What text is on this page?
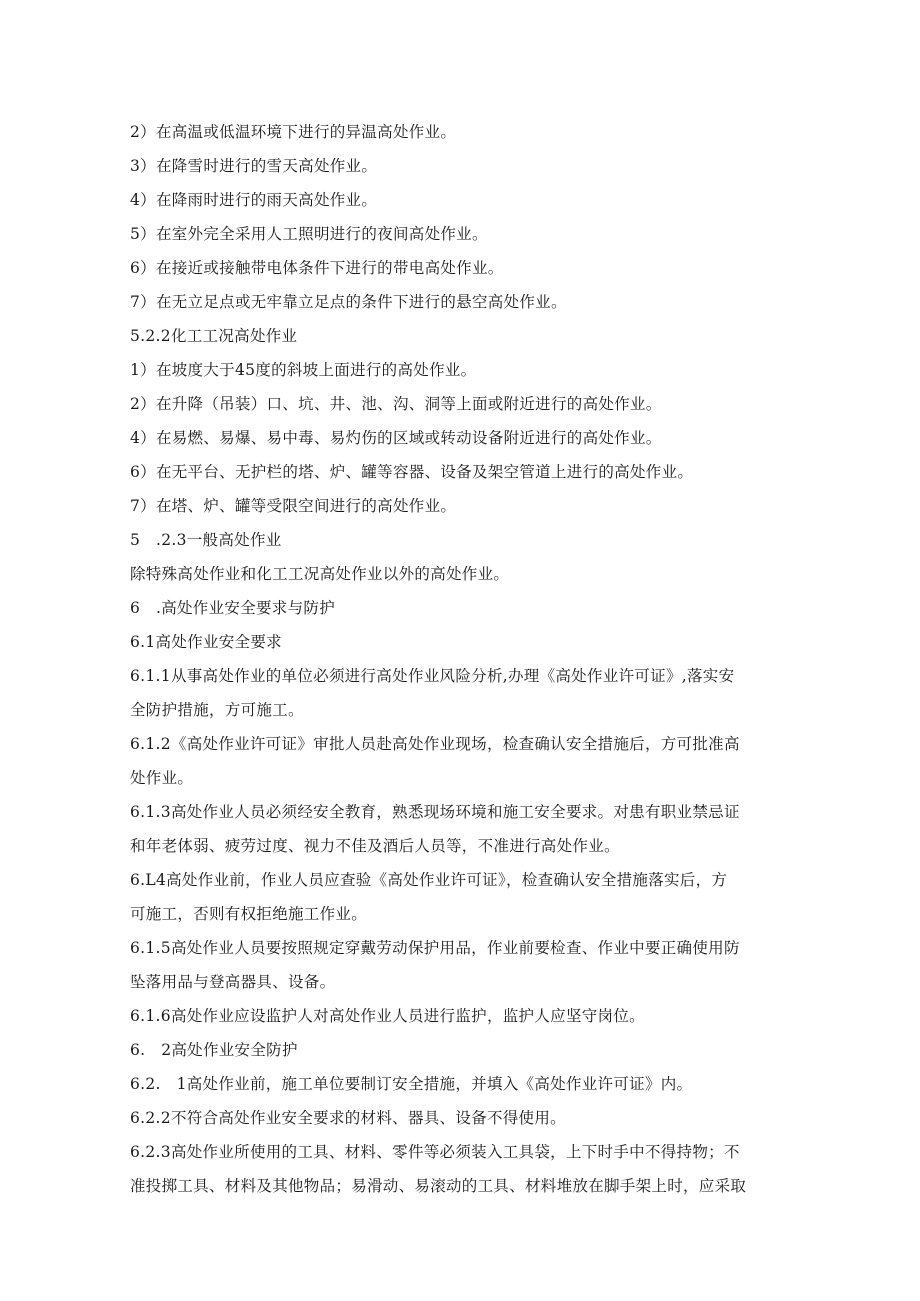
2）在高温或低温环境下进行的异温高处作业。
3）在降雪时进行的雪天高处作业。
4）在降雨时进行的雨天高处作业。
5）在室外完全采用人工照明进行的夜间高处作业。
6）在接近或接触带电体条件下进行的带电高处作业。
7）在无立足点或无牢靠立足点的条件下进行的悬空高处作业。
5.2.2化工工况高处作业
1）在坡度大于45度的斜坡上面进行的高处作业。
2）在升降（吊装）口、坑、井、池、沟、洞等上面或附近进行的高处作业。
4）在易燃、易爆、易中毒、易灼伤的区域或转动设备附近进行的高处作业。
6）在无平台、无护栏的塔、炉、罐等容器、设备及架空管道上进行的高处作业。
7）在塔、炉、罐等受限空间进行的高处作业。
5　.2.3一般高处作业
除特殊高处作业和化工工况高处作业以外的高处作业。
6　.高处作业安全要求与防护
6.1高处作业安全要求
6.1.1从事高处作业的单位必须进行高处作业风险分析,办理《高处作业许可证》,落实安
全防护措施，方可施工。
6.1.2《高处作业许可证》审批人员赴高处作业现场，检查确认安全措施后，方可批准高
处作业。
6.1.3高处作业人员必须经安全教育，熟悉现场环境和施工安全要求。对患有职业禁忌证
和年老体弱、疲劳过度、视力不佳及酒后人员等，不准进行高处作业。
6.L4高处作业前，作业人员应查验《高处作业许可证》，检查确认安全措施落实后，方
可施工，否则有权拒绝施工作业。
6.1.5高处作业人员要按照规定穿戴劳动保护用品，作业前要检查、作业中要正确使用防
坠落用品与登高器具、设备。
6.1.6高处作业应设监护人对高处作业人员进行监护，监护人应坚守岗位。
6.　2高处作业安全防护
6.2.　1高处作业前，施工单位要制订安全措施，并填入《高处作业许可证》内。
6.2.2不符合高处作业安全要求的材料、器具、设备不得使用。
6.2.3高处作业所使用的工具、材料、零件等必须装入工具袋，上下时手中不得持物；不
准投掷工具、材料及其他物品；易滑动、易滚动的工具、材料堆放在脚手架上时，应采取
